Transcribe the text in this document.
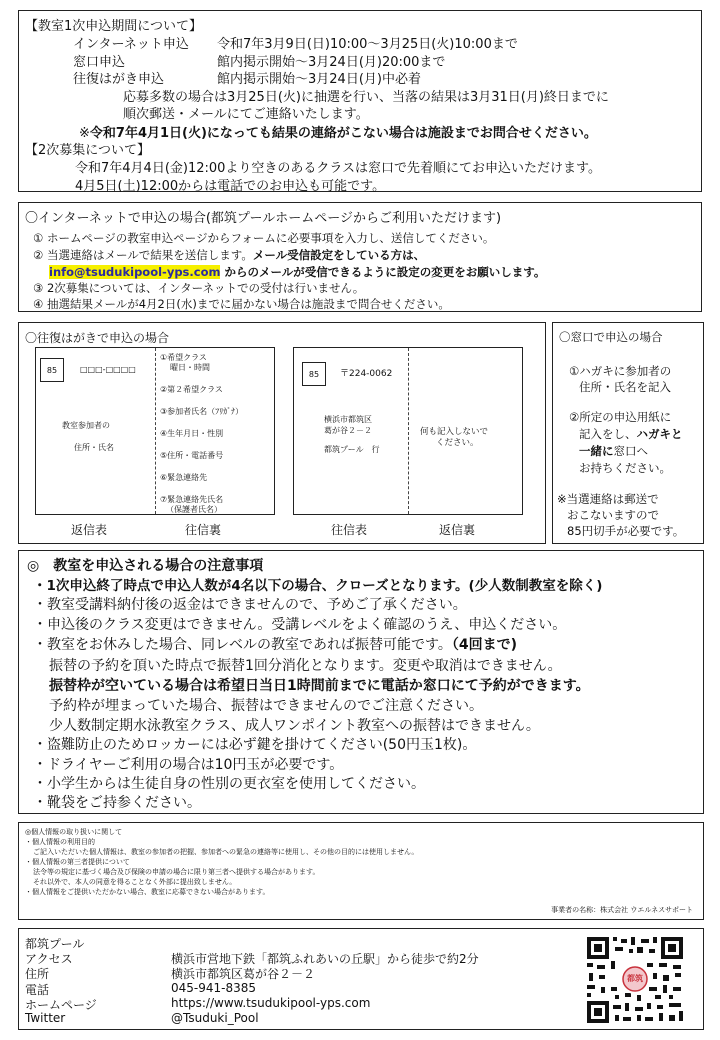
【教室1次申込期間について】
インターネット申込 令和7年3月9日(日)10:00～3月25日(火)10:00まで
窓口申込	館内掲示開始～3月24日(月)20:00まで
往復はがき申込	館内掲示開始～3月24日(月)中必着
応募多数の場合は3月25日(火)に抽選を行い、当落の結果は3月31日(月)終日までに
順次郵送・メールにてご連絡いたします。
※令和7年4月1日(火)になっても結果の連絡がこない場合は施設までお問合せください。
【2次募集について】
令和7年4月4日(金)12:00より空きのあるクラスは窓口で先着順にてお申込いただけます。
4月5日(土)12:00からは電話でのお申込も可能です。
〇インターネットで申込の場合(都筑プールホームページからご利用いただけます)
① ホームページの教室申込ページからフォームに必要事項を入力し、送信してください。
② 当選連絡はメールで結果を送信します。メール受信設定をしている方は、
info@tsudukipool-yps.com からのメールが受信できるように設定の変更をお願いします。
③ 2次募集については、インターネットでの受付は行いません。
④ 抽選結果メールが4月2日(水)までに届かない場合は施設まで問合せください。
〇往復はがきで申込の場合
85	□□□-□□□□
教室参加者の
住所・氏名
①希望クラス
曜日・時間
②第２希望クラス
③参加者氏名（ﾌﾘｶﾞﾅ）
④生年月日・性別
⑤住所・電話番号
⑥緊急連絡先
⑦緊急連絡先氏名
（保護者氏名）
返信表	往信裏
85	〒224-0062
横浜市都筑区
葛が谷２－２
都筑プール　行
何も記入しないで
ください。
往信表	返信裏
〇窓口で申込の場合
①ハガキに参加者の
住所・氏名を記入
②所定の申込用紙に
記入をし、ハガキと
一緒に窓口へ
お持ちください。
※当選連絡は郵送で
おこないますので
85円切手が必要です。
◎　教室を申込される場合の注意事項
・1次申込終了時点で申込人数が4名以下の場合、クローズとなります。(少人数制教室を除く)
・教室受講料納付後の返金はできませんので、予めご了承ください。
・申込後のクラス変更はできません。受講レベルをよく確認のうえ、申込ください。
・教室をお休みした場合、同レベルの教室であれば振替可能です。（4回まで)
振替の予約を頂いた時点で振替1回分消化となります。変更や取消はできません。
振替枠が空いている場合は希望日当日1時間前までに電話か窓口にて予約ができます。
予約枠が埋まっていた場合、振替はできませんのでご注意ください。
少人数制定期水泳教室クラス、成人ワンポイント教室への振替はできません。
・盗難防止のためロッカーには必ず鍵を掛けてください(50円玉1枚)。
・ドライヤーご利用の場合は10円玉が必要です。
・小学生からは生徒自身の性別の更衣室を使用してください。
・靴袋をご持参ください。
◎個人情報の取り扱いに関して
・個人情報の利用目的
ご記入いただいた個人情報は、教室の参加者の把握、参加者への緊急の連絡等に使用し、その他の目的には使用しません。
・個人情報の第三者提供について
法令等の規定に基づく場合及び保険の申請の場合に限り第三者へ提供する場合があります。
それ以外で、本人の同意を得ることなく外部に提出致しません。
・個人情報をご提供いただかない場合、教室に応募できない場合があります。
事業者の名称：株式会社 ウエルネスサポート
都筑プール
アクセス	横浜市営地下鉄「都筑ふれあいの丘駅」から徒歩で約2分
住所	横浜市都筑区葛が谷２－２
電話	045-941-8385
ホームページ	https://www.tsudukipool-yps.com
Twitter	@Tsuduki_Pool
都筑
